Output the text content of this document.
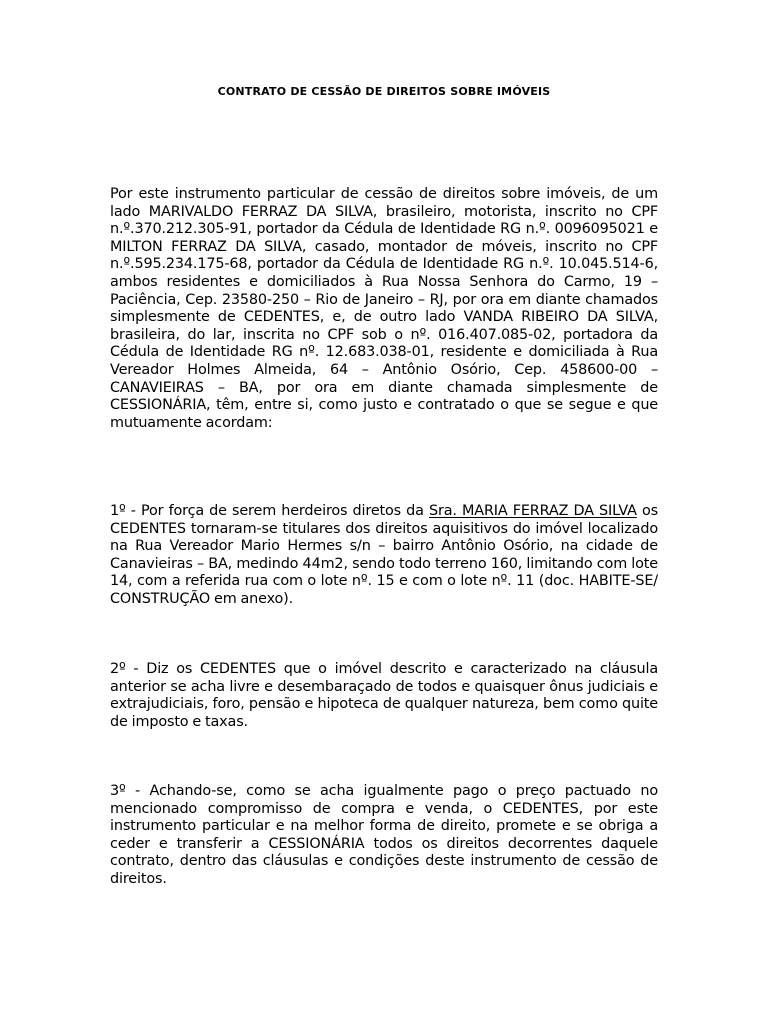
CONTRATO DE CESSÃO DE DIREITOS SOBRE IMÓVEIS

Por este instrumento particular de cessão de direitos sobre imóveis, de um lado MARIVALDO FERRAZ DA SILVA, brasileiro, motorista, inscrito no CPF n.º.370.212.305-91, portador da Cédula de Identidade RG n.º. 0096095021 e MILTON FERRAZ DA SILVA, casado, montador de móveis, inscrito no CPF n.º.595.234.175-68, portador da Cédula de Identidade RG n.º. 10.045.514-6, ambos residentes e domiciliados à Rua Nossa Senhora do Carmo, 19 – Paciência, Cep. 23580-250 – Rio de Janeiro – RJ, por ora em diante chamados simplesmente de CEDENTES, e, de outro lado VANDA RIBEIRO DA SILVA, brasileira, do lar, inscrita no CPF sob o nº. 016.407.085-02, portadora da Cédula de Identidade RG nº. 12.683.038-01, residente e domiciliada à Rua Vereador Holmes Almeida, 64 – Antônio Osório, Cep. 458600-00 – CANAVIEIRAS – BA, por ora em diante chamada simplesmente de CESSIONÁRIA, têm, entre si, como justo e contratado o que se segue e que mutuamente acordam:

1º - Por força de serem herdeiros diretos da Sra. MARIA FERRAZ DA SILVA os CEDENTES tornaram-se titulares dos direitos aquisitivos do imóvel localizado na Rua Vereador Mario Hermes s/n – bairro Antônio Osório, na cidade de Canavieiras – BA, medindo 44m2, sendo todo terreno 160, limitando com lote 14, com a referida rua com o lote nº. 15 e com o lote nº. 11 (doc. HABITE-SE/ CONSTRUÇÃO em anexo).

2º - Diz os CEDENTES que o imóvel descrito e caracterizado na cláusula anterior se acha livre e desembaraçado de todos e quaisquer ônus judiciais e extrajudiciais, foro, pensão e hipoteca de qualquer natureza, bem como quite de imposto e taxas.

3º - Achando-se, como se acha igualmente pago o preço pactuado no mencionado compromisso de compra e venda, o CEDENTES, por este instrumento particular e na melhor forma de direito, promete e se obriga a ceder e transferir a CESSIONÁRIA todos os direitos decorrentes daquele contrato, dentro das cláusulas e condições deste instrumento de cessão de direitos.
